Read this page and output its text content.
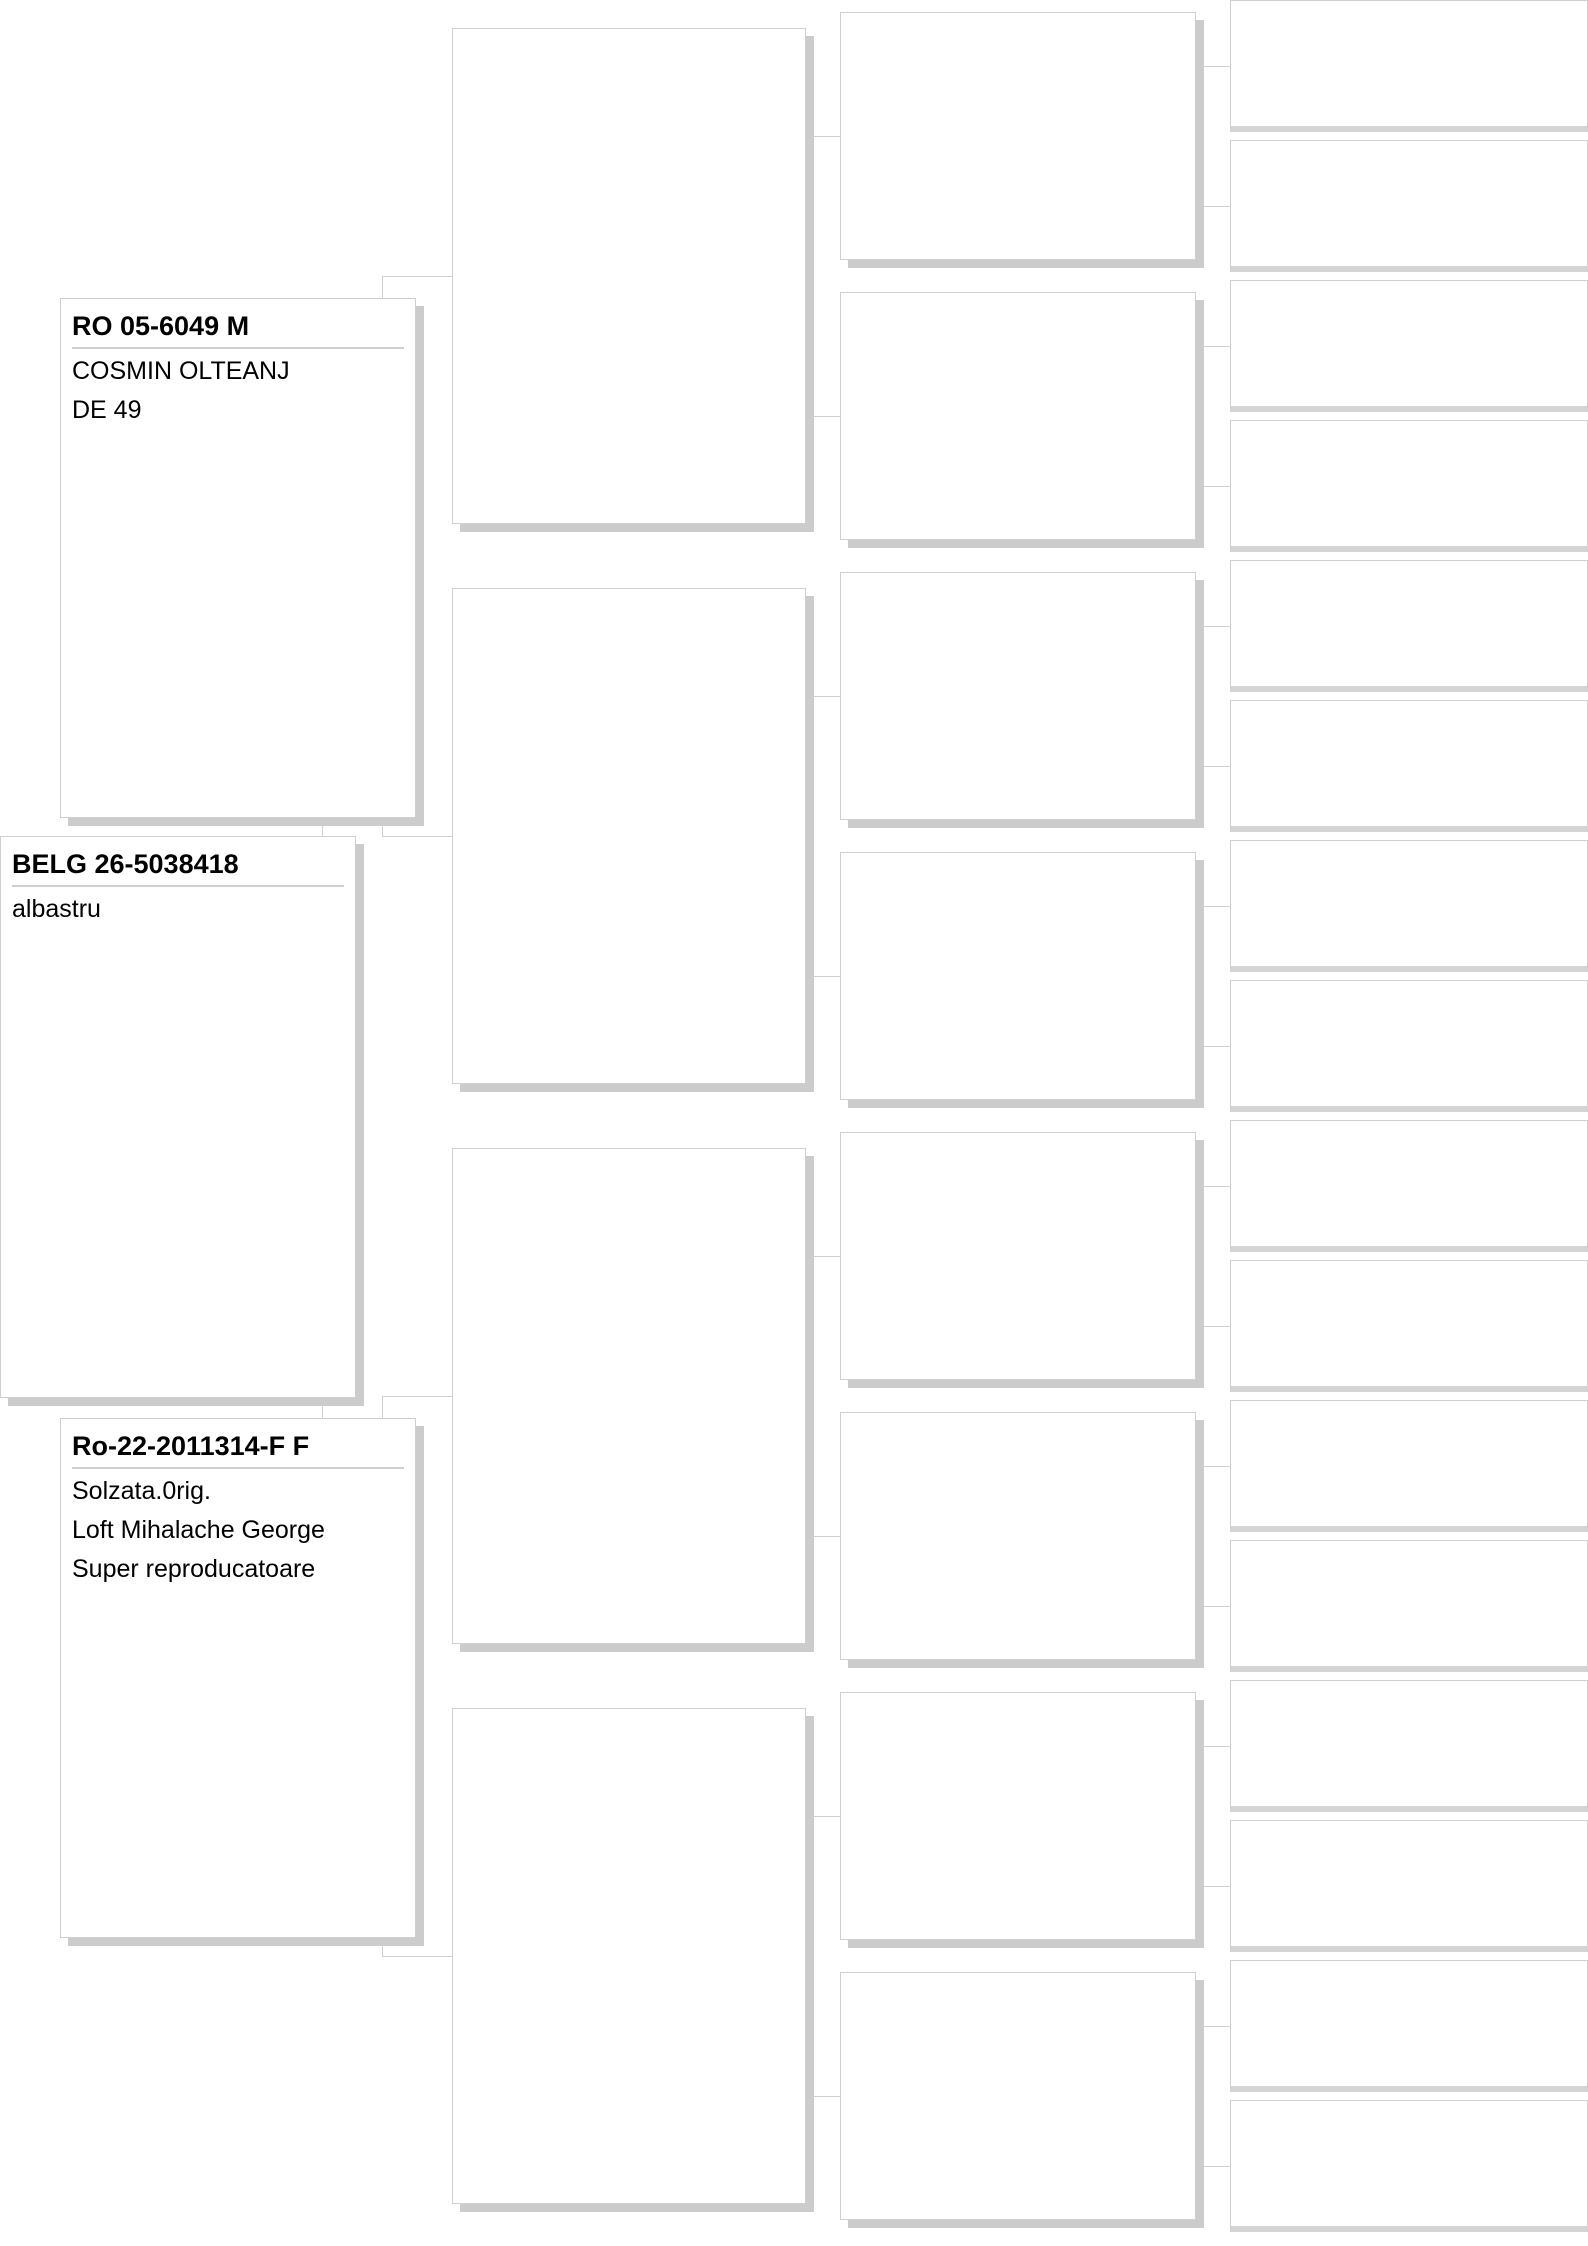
BELG 26-5038418
albastru
RO 05-6049 M
COSMIN OLTEANJ
DE 49
Ro-22-2011314-F F
Solzata.0rig.
Loft Mihalache George
Super reproducatoare
